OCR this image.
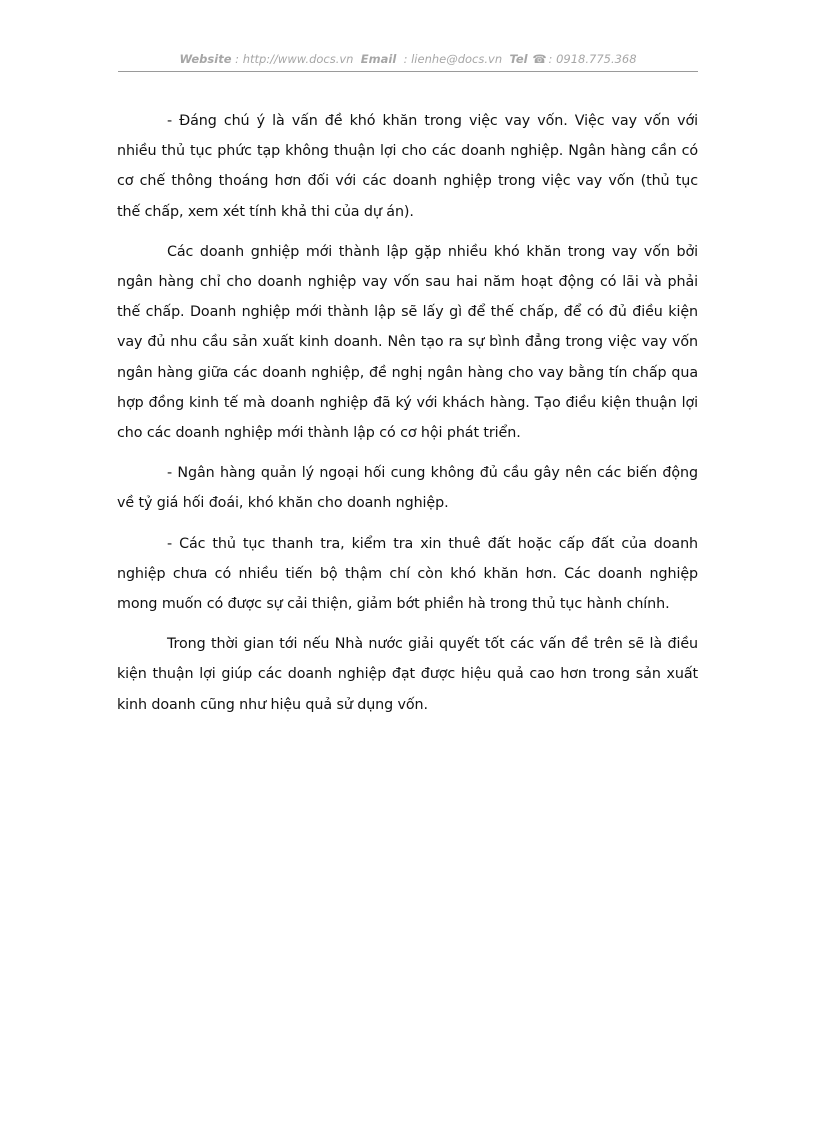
Website : http://www.docs.vn Email : lienhe@docs.vn Tel ☎ : 0918.775.368

- Đáng chú ý là vấn đề khó khăn trong việc vay vốn. Việc vay vốn với nhiều thủ tục phức tạp không thuận lợi cho các doanh nghiệp. Ngân hàng cần có cơ chế thông thoáng hơn đối với các doanh nghiệp trong việc vay vốn (thủ tục thế chấp, xem xét tính khả thi của dự án).

Các doanh gnhiệp mới thành lập gặp nhiều khó khăn trong vay vốn bởi ngân hàng chỉ cho doanh nghiệp vay vốn sau hai năm hoạt động có lãi và phải thế chấp. Doanh nghiệp mới thành lập sẽ lấy gì để thế chấp, để có đủ điều kiện vay đủ nhu cầu sản xuất kinh doanh. Nên tạo ra sự bình đẳng trong việc vay vốn ngân hàng giữa các doanh nghiệp, đề nghị ngân hàng cho vay bằng tín chấp qua hợp đồng kinh tế mà doanh nghiệp đã ký với khách hàng. Tạo điều kiện thuận lợi cho các doanh nghiệp mới thành lập có cơ hội phát triển.

- Ngân hàng quản lý ngoại hối cung không đủ cầu gây nên các biến động về tỷ giá hối đoái, khó khăn cho doanh nghiệp.

- Các thủ tục thanh tra, kiểm tra xin thuê đất hoặc cấp đất của doanh nghiệp chưa có nhiều tiến bộ thậm chí còn khó khăn hơn. Các doanh nghiệp mong muốn có được sự cải thiện, giảm bớt phiền hà trong thủ tục hành chính.

Trong thời gian tới nếu Nhà nước giải quyết tốt các vấn đề trên sẽ là điều kiện thuận lợi giúp các doanh nghiệp đạt được hiệu quả cao hơn trong sản xuất kinh doanh cũng như hiệu quả sử dụng vốn.
